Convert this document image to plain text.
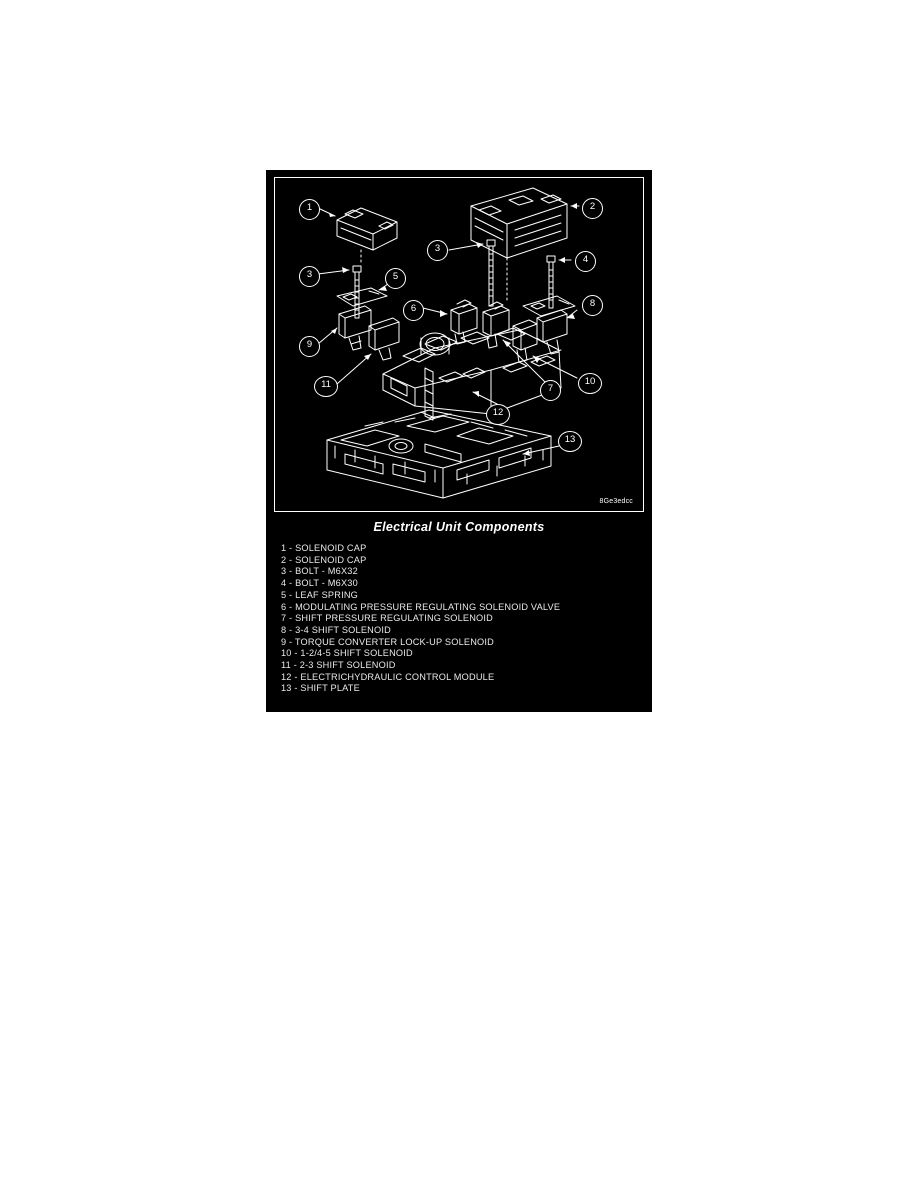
8Ge3edcc
1	2
3
4
3	5
8
6
9
10
11	7
12
13
Electrical Unit Components
1 - SOLENOID CAP
2 - SOLENOID CAP
3 - BOLT - M6X32
4 - BOLT - M6X30
5 - LEAF SPRING
6 - MODULATING PRESSURE REGULATING SOLENOID VALVE
7 - SHIFT PRESSURE REGULATING SOLENOID
8 - 3-4 SHIFT SOLENOID
9 - TORQUE CONVERTER LOCK-UP SOLENOID
10 - 1-2/4-5 SHIFT SOLENOID
11 - 2-3 SHIFT SOLENOID
12 - ELECTRICHYDRAULIC CONTROL MODULE
13 - SHIFT PLATE
